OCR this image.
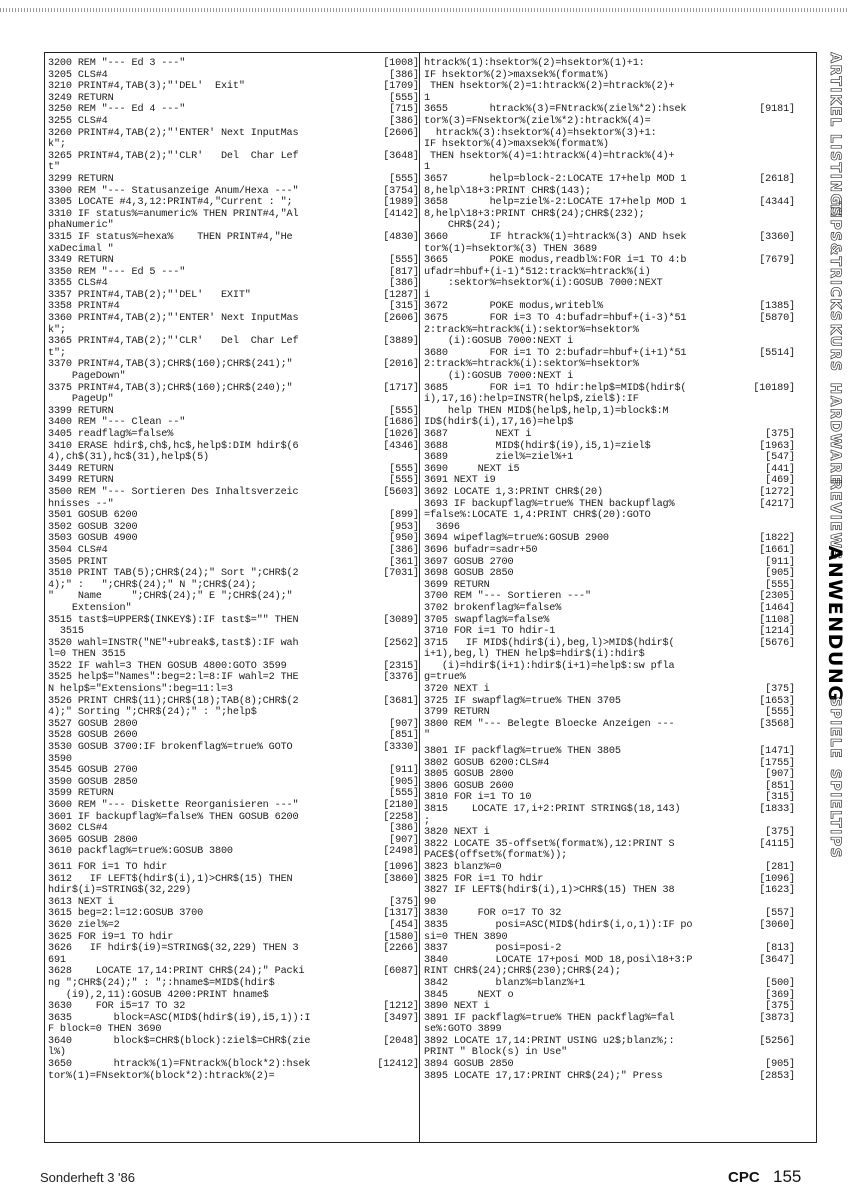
3200 REM "--- Ed 3 ---"	[1008]
3205 CLS#4	[386]
3210 PRINT#4,TAB(3);"'DEL'  Exit"	[1709]
3249 RETURN	[555]
3250 REM "--- Ed 4 ---"	[715]
3255 CLS#4	[386]
3260 PRINT#4,TAB(2);"'ENTER' Next InputMas	[2606]
k";
3265 PRINT#4,TAB(2);"'CLR'   Del  Char Lef	[3648]
t"
3299 RETURN	[555]
3300 REM "--- Statusanzeige Anum/Hexa ---"	[3754]
3305 LOCATE #4,3,12:PRINT#4,"Current : ";	[1989]
3310 IF status%=anumeric% THEN PRINT#4,"Al	[4142]
phaNumeric"
3315 IF status%=hexa%    THEN PRINT#4,"He	[4830]
xaDecimal "
3349 RETURN	[555]
3350 REM "--- Ed 5 ---"	[817]
3355 CLS#4	[386]
3357 PRINT#4,TAB(2);"'DEL'   EXIT"	[1287]
3358 PRINT#4	[315]
3360 PRINT#4,TAB(2);"'ENTER' Next InputMas	[2606]
k";
3365 PRINT#4,TAB(2);"'CLR'   Del  Char Lef	[3889]
t";
3370 PRINT#4,TAB(3);CHR$(160);CHR$(241);"	[2016]
PageDown"
3375 PRINT#4,TAB(3);CHR$(160);CHR$(240);"	[1717]
PageUp"
3399 RETURN	[555]
3400 REM "--- Clean --"	[1686]
3405 readflag%=false%	[1026]
3410 ERASE hdir$,ch$,hc$,help$:DIM hdir$(6	[4346]
4),ch$(31),hc$(31),help$(5)
3449 RETURN	[555]
3499 RETURN	[555]
3500 REM "--- Sortieren Des Inhaltsverzeic	[5603]
hnisses --"
3501 GOSUB 6200	[899]
3502 GOSUB 3200	[953]
3503 GOSUB 4900	[950]
3504 CLS#4	[386]
3505 PRINT	[361]
3510 PRINT TAB(5);CHR$(24);" Sort ";CHR$(2	[7031]
4);" :   ";CHR$(24);" N ";CHR$(24);
"    Name     ";CHR$(24);" E ";CHR$(24);"
Extension"
3515 tast$=UPPER$(INKEY$):IF tast$="" THEN	[3089]
3515
3520 wahl=INSTR("NE"+ubreak$,tast$):IF wah	[2562]
l=0 THEN 3515
3522 IF wahl=3 THEN GOSUB 4800:GOTO 3599	[2315]
3525 help$="Names":beg=2:l=8:IF wahl=2 THE	[3376]
N help$="Extensions":beg=11:l=3
3526 PRINT CHR$(11);CHR$(18);TAB(8);CHR$(2	[3681]
4);" Sorting ";CHR$(24);" : ";help$
3527 GOSUB 2800	[907]
3528 GOSUB 2600	[851]
3530 GOSUB 3700:IF brokenflag%=true% GOTO	[3330]
3590
3545 GOSUB 2700	[911]
3590 GOSUB 2850	[905]
3599 RETURN	[555]
3600 REM "--- Diskette Reorganisieren ---"	[2180]
3601 IF backupflag%=false% THEN GOSUB 6200	[2258]
3602 CLS#4	[386]
3605 GOSUB 2800	[907]
3610 packflag%=true%:GOSUB 3800	[2498]
3611 FOR i=1 TO hdir	[1096]
3612   IF LEFT$(hdir$(i),1)>CHR$(15) THEN	[3860]
hdir$(i)=STRING$(32,229)
3613 NEXT i	[375]
3615 beg=2:l=12:GOSUB 3700	[1317]
3620 ziel%=2	[454]
3625 FOR i9=1 TO hdir	[1580]
3626   IF hdir$(i9)=STRING$(32,229) THEN 3	[2266]
691
3628    LOCATE 17,14:PRINT CHR$(24);" Packi	[6087]
ng ";CHR$(24);" : ";:hname$=MID$(hdir$
(i9),2,11):GOSUB 4200:PRINT hname$
3630    FOR i5=17 TO 32	[1212]
3635       block=ASC(MID$(hdir$(i9),i5,1)):I	[3497]
F block=0 THEN 3690
3640       block$=CHR$(block):ziel$=CHR$(zie	[2048]
l%)
3650       htrack%(1)=FNtrack%(block*2):hsek	[12412]
tor%(1)=FNsektor%(block*2):htrack%(2)=
htrack%(1):hsektor%(2)=hsektor%(1)+1:
IF hsektor%(2)>maxsek%(format%)
THEN hsektor%(2)=1:htrack%(2)=htrack%(2)+
1
3655       htrack%(3)=FNtrack%(ziel%*2):hsek	[9181]
tor%(3)=FNsektor%(ziel%*2):htrack%(4)=
htrack%(3):hsektor%(4)=hsektor%(3)+1:
IF hsektor%(4)>maxsek%(format%)
THEN hsektor%(4)=1:htrack%(4)=htrack%(4)+
1
3657       help=block-2:LOCATE 17+help MOD 1	[2618]
8,help\18+3:PRINT CHR$(143);
3658       help=ziel%-2:LOCATE 17+help MOD 1	[4344]
8,help\18+3:PRINT CHR$(24);CHR$(232);
CHR$(24);
3660       IF htrack%(1)=htrack%(3) AND hsek	[3360]
tor%(1)=hsektor%(3) THEN 3689
3665       POKE modus,readbl%:FOR i=1 TO 4:b	[7679]
ufadr=hbuf+(i-1)*512:track%=htrack%(i)
:sektor%=hsektor%(i):GOSUB 7000:NEXT
i
3672       POKE modus,writebl%	[1385]
3675       FOR i=3 TO 4:bufadr=hbuf+(i-3)*51	[5870]
2:track%=htrack%(i):sektor%=hsektor%
(i):GOSUB 7000:NEXT i
3680       FOR i=1 TO 2:bufadr=hbuf+(i+1)*51	[5514]
2:track%=htrack%(i):sektor%=hsektor%
(i):GOSUB 7000:NEXT i
3685       FOR i=1 TO hdir:help$=MID$(hdir$(	[10189]
i),17,16):help=INSTR(help$,ziel$):IF
help THEN MID$(help$,help,1)=block$:M
ID$(hdir$(i),17,16)=help$
3687        NEXT i	[375]
3688        MID$(hdir$(i9),i5,1)=ziel$	[1963]
3689        ziel%=ziel%+1	[547]
3690     NEXT i5	[441]
3691 NEXT i9	[469]
3692 LOCATE 1,3:PRINT CHR$(20)	[1272]
3693 IF backupflag%=true% THEN backupflag%	[4217]
=false%:LOCATE 1,4:PRINT CHR$(20):GOTO
3696
3694 wipeflag%=true%:GOSUB 2900	[1822]
3696 bufadr=sadr+50	[1661]
3697 GOSUB 2700	[911]
3698 GOSUB 2850	[905]
3699 RETURN	[555]
3700 REM "--- Sortieren ---"	[2305]
3702 brokenflag%=false%	[1464]
3705 swapflag%=false%	[1108]
3710 FOR i=1 TO hdir-1	[1214]
3715   IF MID$(hdir$(i),beg,l)>MID$(hdir$(	[5676]
i+1),beg,l) THEN help$=hdir$(i):hdir$
(i)=hdir$(i+1):hdir$(i+1)=help$:sw pfla
g=true%
3720 NEXT i	[375]
3725 IF swapflag%=true% THEN 3705	[1653]
3799 RETURN	[555]
3800 REM "--- Belegte Bloecke Anzeigen ---	[3568]
"
3801 IF packflag%=true% THEN 3805	[1471]
3802 GOSUB 6200:CLS#4	[1755]
3805 GOSUB 2800	[907]
3806 GOSUB 2600	[851]
3810 FOR i=1 TO 10	[315]
3815    LOCATE 17,i+2:PRINT STRING$(18,143)	[1833]
;
3820 NEXT i	[375]
3822 LOCATE 35-offset%(format%),12:PRINT S	[4115]
PACE$(offset%(format%));
3823 blanz%=0	[281]
3825 FOR i=1 TO hdir	[1096]
3827 IF LEFT$(hdir$(i),1)>CHR$(15) THEN 38	[1623]
90
3830     FOR o=17 TO 32	[557]
3835        posi=ASC(MID$(hdir$(i,o,1)):IF po	[3060]
si=0 THEN 3890
3837        posi=posi-2	[813]
3840        LOCATE 17+posi MOD 18,posi\18+3:P	[3647]
RINT CHR$(24);CHR$(230);CHR$(24);
3842        blanz%=blanz%+1	[500]
3845     NEXT o	[369]
3890 NEXT i	[375]
3891 IF packflag%=true% THEN packflag%=fal	[3873]
se%:GOTO 3899
3892 LOCATE 17,14:PRINT USING u2$;blanz%;:	[5256]
PRINT " Block(s) in Use"
3894 GOSUB 2850	[905]
3895 LOCATE 17,17:PRINT CHR$(24);" Press	[2853]
ARTIKEL
LISTINGS
TIPS&TRICKS
KURS
HARDWARE
REVIEWS
ANWENDUNG
SPIELE
SPIELTIPS
Sonderheft 3 '86	CPC 155
